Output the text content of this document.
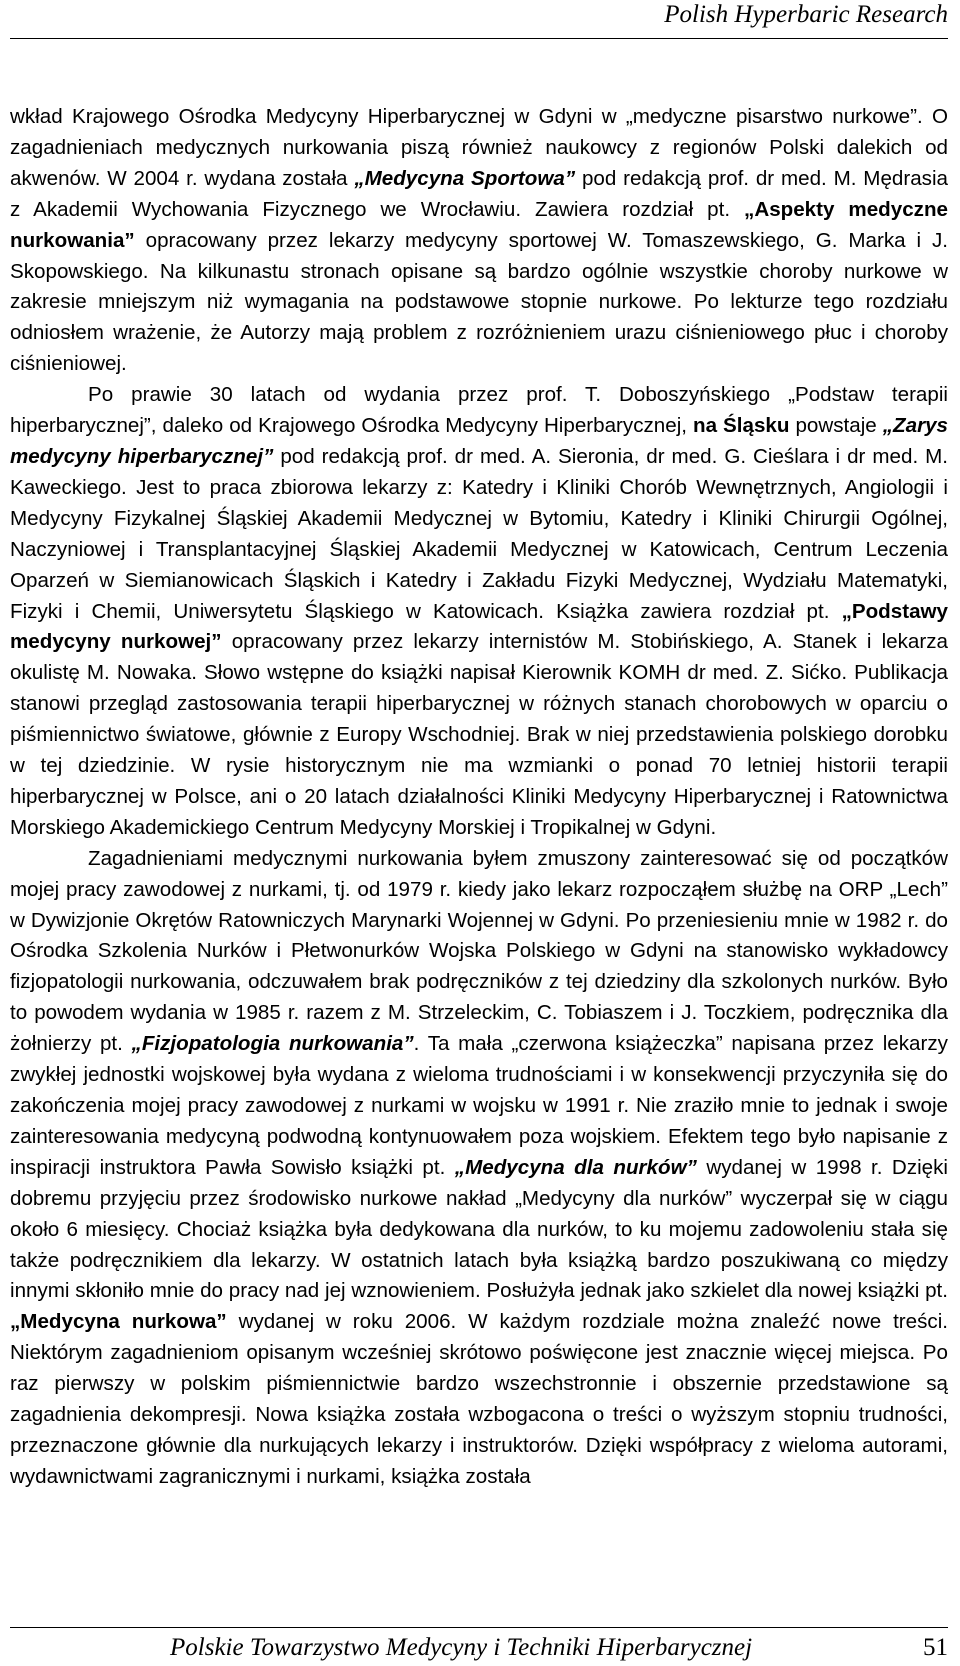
Polish Hyperbaric Research

wkład Krajowego Ośrodka Medycyny Hiperbarycznej w Gdyni w „medyczne pisarstwo nurkowe”. O zagadnieniach medycznych nurkowania piszą również naukowcy z regionów Polski dalekich od akwenów. W 2004 r. wydana została „Medycyna Sportowa” pod redakcją prof. dr med. M. Mędrasia z Akademii Wychowania Fizycznego we Wrocławiu. Zawiera rozdział pt. „Aspekty medyczne nurkowania” opracowany przez lekarzy medycyny sportowej W. Tomaszewskiego, G. Marka i J. Skopowskiego. Na kilkunastu stronach opisane są bardzo ogólnie wszystkie choroby nurkowe w zakresie mniejszym niż wymagania na podstawowe stopnie nurkowe. Po lekturze tego rozdziału odniosłem wrażenie, że Autorzy mają problem z rozróżnieniem urazu ciśnieniowego płuc i choroby ciśnieniowej.

Po prawie 30 latach od wydania przez prof. T. Doboszyńskiego „Podstaw terapii hiperbarycznej”, daleko od Krajowego Ośrodka Medycyny Hiperbarycznej, na Śląsku powstaje „Zarys medycyny hiperbarycznej” pod redakcją prof. dr med. A. Sieronia, dr med. G. Cieślara i dr med. M. Kaweckiego. Jest to praca zbiorowa lekarzy z: Katedry i Kliniki Chorób Wewnętrznych, Angiologii i Medycyny Fizykalnej Śląskiej Akademii Medycznej w Bytomiu, Katedry i Kliniki Chirurgii Ogólnej, Naczyniowej i Transplantacyjnej Śląskiej Akademii Medycznej w Katowicach, Centrum Leczenia Oparzeń w Siemianowicach Śląskich i Katedry i Zakładu Fizyki Medycznej, Wydziału Matematyki, Fizyki i Chemii, Uniwersytetu Śląskiego w Katowicach. Książka zawiera rozdział pt. „Podstawy medycyny nurkowej” opracowany przez lekarzy internistów M. Stobińskiego, A. Stanek i lekarza okulistę M. Nowaka. Słowo wstępne do książki napisał Kierownik KOMH dr med. Z. Sićko. Publikacja stanowi przegląd zastosowania terapii hiperbarycznej w różnych stanach chorobowych w oparciu o piśmiennictwo światowe, głównie z Europy Wschodniej. Brak w niej przedstawienia polskiego dorobku w tej dziedzinie. W rysie historycznym nie ma wzmianki o ponad 70 letniej historii terapii hiperbarycznej w Polsce, ani o 20 latach działalności Kliniki Medycyny Hiperbarycznej i Ratownictwa Morskiego Akademickiego Centrum Medycyny Morskiej i Tropikalnej w Gdyni.

Zagadnieniami medycznymi nurkowania byłem zmuszony zainteresować się od początków mojej pracy zawodowej z nurkami, tj. od 1979 r. kiedy jako lekarz rozpocząłem służbę na ORP „Lech” w Dywizjonie Okrętów Ratowniczych Marynarki Wojennej w Gdyni. Po przeniesieniu mnie w 1982 r. do Ośrodka Szkolenia Nurków i Płetwonurków Wojska Polskiego w Gdyni na stanowisko wykładowcy fizjopatologii nurkowania, odczuwałem brak podręczników z tej dziedziny dla szkolonych nurków. Było to powodem wydania w 1985 r. razem z M. Strzeleckim, C. Tobiaszem i J. Toczkiem, podręcznika dla żołnierzy pt. „Fizjopatologia nurkowania”. Ta mała „czerwona książeczka” napisana przez lekarzy zwykłej jednostki wojskowej była wydana z wieloma trudnościami i w konsekwencji przyczyniła się do zakończenia mojej pracy zawodowej z nurkami w wojsku w 1991 r. Nie zraziło mnie to jednak i swoje zainteresowania medycyną podwodną kontynuowałem poza wojskiem. Efektem tego było napisanie z inspiracji instruktora Pawła Sowisło książki pt. „Medycyna dla nurków” wydanej w 1998 r. Dzięki dobremu przyjęciu przez środowisko nurkowe nakład „Medycyny dla nurków” wyczerpał się w ciągu około 6 miesięcy. Chociaż książka była dedykowana dla nurków, to ku mojemu zadowoleniu stała się także podręcznikiem dla lekarzy. W ostatnich latach była książką bardzo poszukiwaną co między innymi skłoniło mnie do pracy nad jej wznowieniem. Posłużyła jednak jako szkielet dla nowej książki pt. „Medycyna nurkowa” wydanej w roku 2006. W każdym rozdziale można znaleźć nowe treści. Niektórym zagadnieniom opisanym wcześniej skrótowo poświęcone jest znacznie więcej miejsca. Po raz pierwszy w polskim piśmiennictwie bardzo wszechstronnie i obszernie przedstawione są zagadnienia dekompresji. Nowa książka została wzbogacona o treści o wyższym stopniu trudności, przeznaczone głównie dla nurkujących lekarzy i instruktorów. Dzięki współpracy z wieloma autorami, wydawnictwami zagranicznymi i nurkami, książka została

Polskie Towarzystwo Medycyny i Techniki Hiperbarycznej	51
